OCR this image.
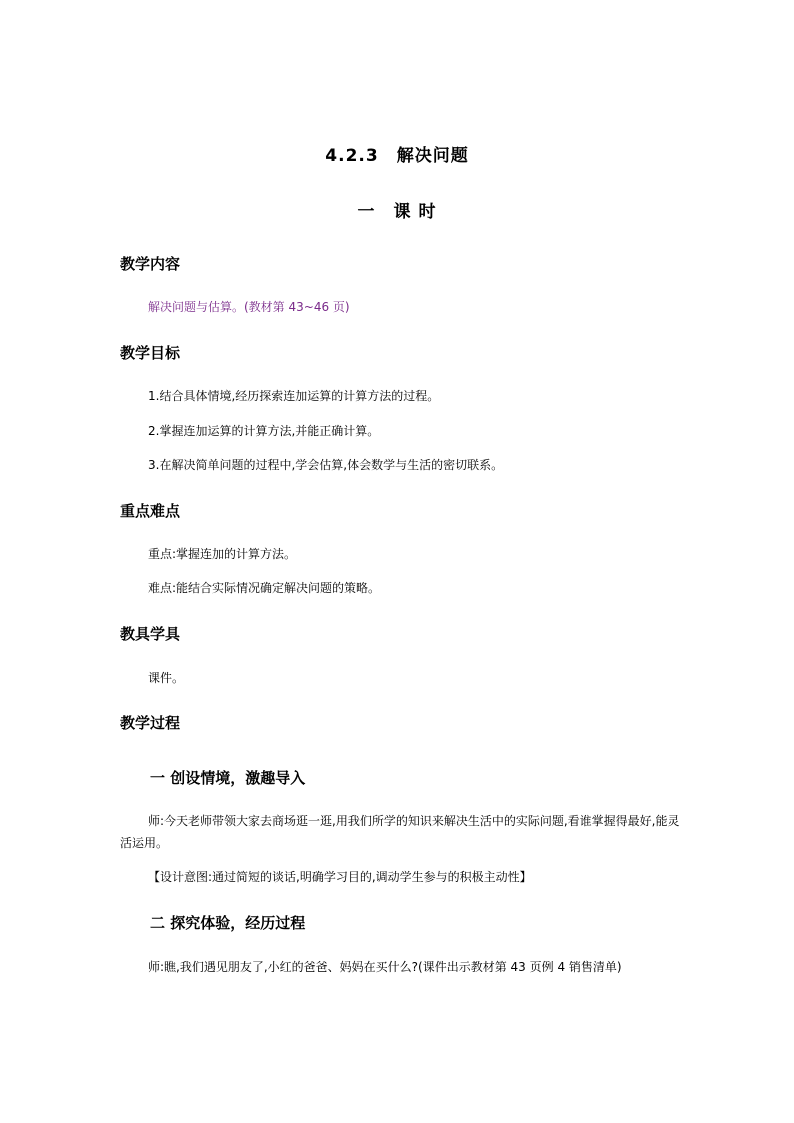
4.2.3　解决问题
一　课 时
教学内容
解决问题与估算。(教材第 43~46 页)
教学目标
1.结合具体情境,经历探索连加运算的计算方法的过程。
2.掌握连加运算的计算方法,并能正确计算。
3.在解决简单问题的过程中,学会估算,体会数学与生活的密切联系。
重点难点
重点:掌握连加的计算方法。
难点:能结合实际情况确定解决问题的策略。
教具学具
课件。
教学过程
一 创设情境，激趣导入
师:今天老师带领大家去商场逛一逛,用我们所学的知识来解决生活中的实际问题,看谁掌握得最好,能灵活运用。
【设计意图:通过简短的谈话,明确学习目的,调动学生参与的积极主动性】
二 探究体验，经历过程
师:瞧,我们遇见朋友了,小红的爸爸、妈妈在买什么?(课件出示教材第 43 页例 4 销售清单)
